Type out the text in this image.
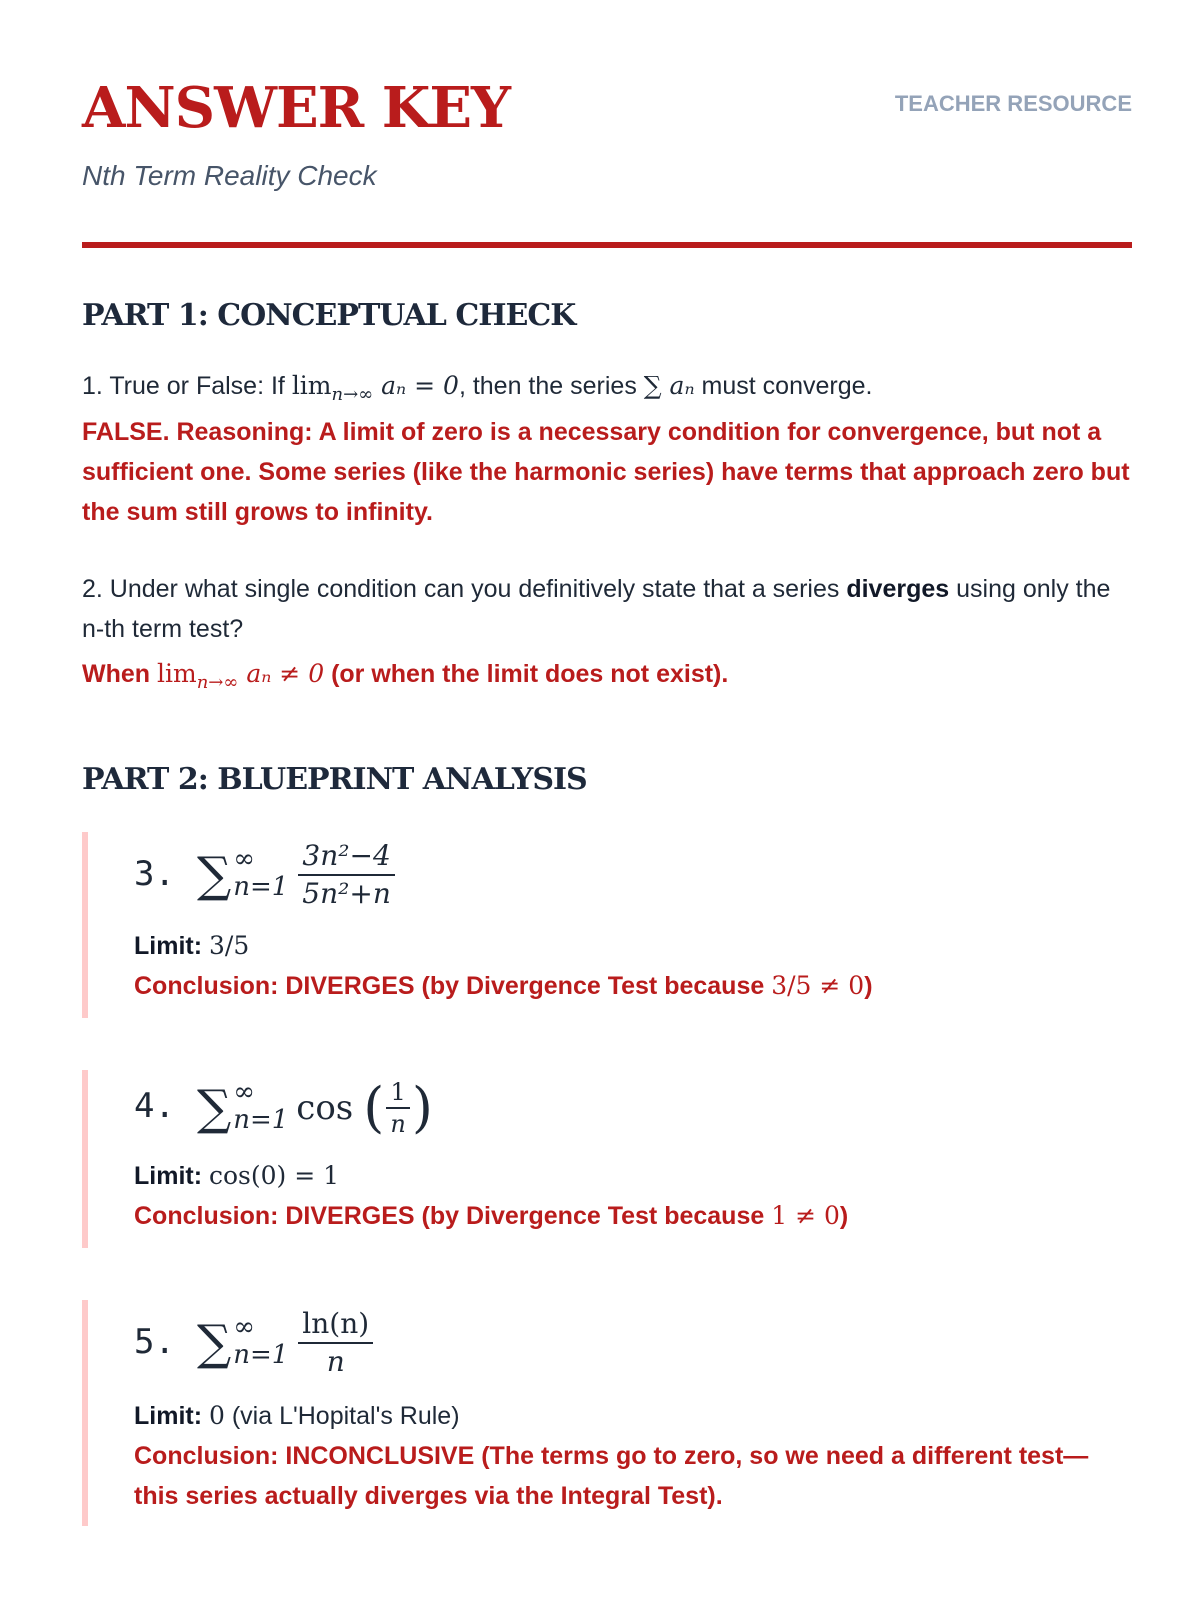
ANSWER KEY

Nth Term Reality Check

TEACHER RESOURCE
PART 1: CONCEPTUAL CHECK
1. True or False: If $\lim_{n\to\infty} a_n = 0$, then the series ∑ aₙ must converge.
FALSE. Reasoning: A limit of zero is a necessary condition for convergence, but not a sufficient one. Some series (like the harmonic series) have terms that approach zero but the sum still grows to infinity.
2. Under what single condition can you definitively state that a series diverges using only the n-th term test?
When $\lim_{n\to\infty} a_n \ne 0$ (or when the limit does not exist).
PART 2: BLUEPRINT ANALYSIS
3. ∑ ∞
$n=1 \frac{\text{3n²−4}}{\text{5n²+n}}$
Limit: 3/5
Conclusion: DIVERGES (by Divergence Test because 3/5 ≠ 0)
4. ∑ ∞
n=1 cos ( $\frac{1}{n}$ )
Limit: cos(0) = 1
Conclusion: DIVERGES (by Divergence Test because 1 ≠ 0)
5. ∑ ∞
$n=1 \frac{\ln(n)}{n}$
Limit: 0 (via L'Hopital's Rule)
Conclusion: INCONCLUSIVE (The terms go to zero, so we need a different test—this series actually diverges via the Integral Test).
